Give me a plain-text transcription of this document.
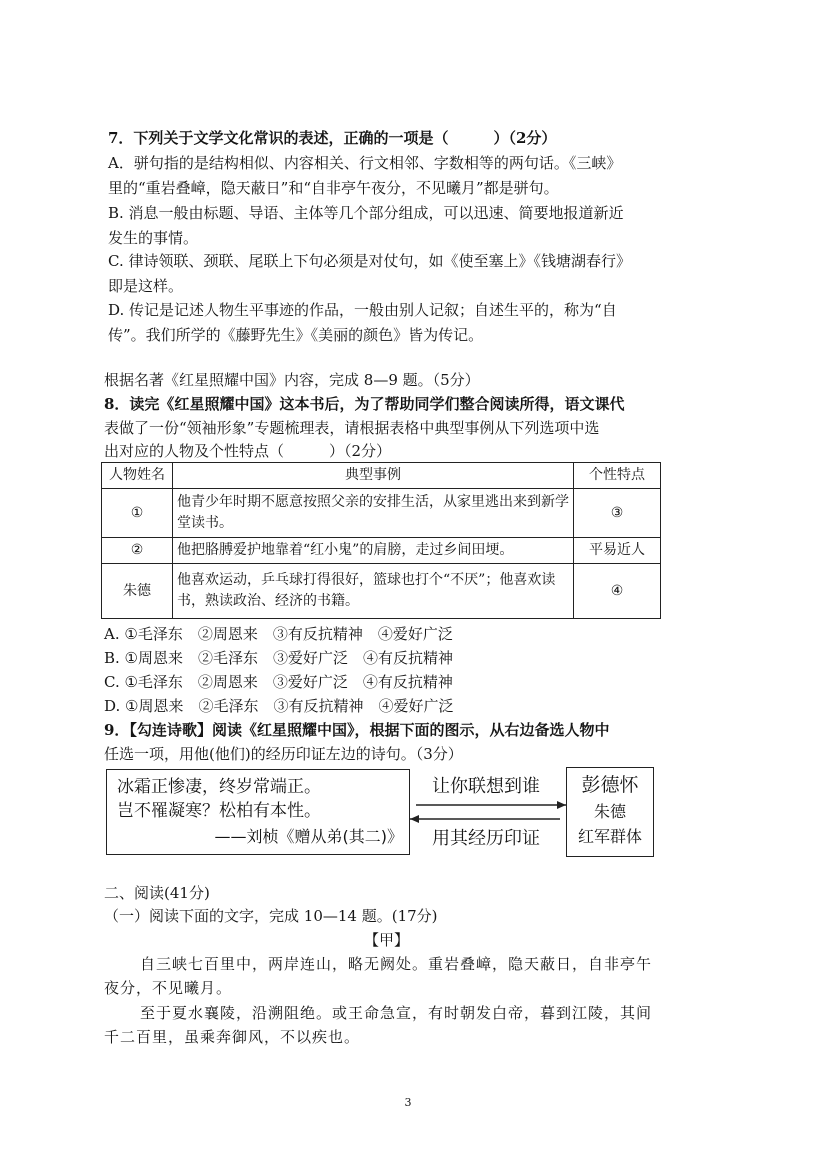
7．下列关于文学文化常识的表述，正确的一项是（　　　）（2分）
A．骈句指的是结构相似、内容相关、行文相邻、字数相等的两句话。《三峡》
里的“重岩叠嶂，隐天蔽日”和“自非亭午夜分，不见曦月”都是骈句。
B. 消息一般由标题、导语、主体等几个部分组成，可以迅速、简要地报道新近
发生的事情。
C. 律诗领联、颈联、尾联上下句必须是对仗句，如《使至塞上》《钱塘湖春行》
即是这样。
D. 传记是记述人物生平事迹的作品，一般由别人记叙；自述生平的，称为“自
传”。我们所学的《藤野先生》《美丽的颜色》皆为传记。
根据名著《红星照耀中国》内容，完成 8—9 题。（5分）
8．读完《红星照耀中国》这本书后，为了帮助同学们整合阅读所得，语文课代
表做了一份“领袖形象”专题梳理表，请根据表格中典型事例从下列选项中选
出对应的人物及个性特点（　　　）（2分）
人物姓名	典型事例	个性特点
①	他青少年时期不愿意按照父亲的安排生活，从家里逃出来到新学堂读书。	③
②	他把胳膊爱护地靠着“红小鬼”的肩膀，走过乡间田埂。	平易近人
朱德	他喜欢运动，乒乓球打得很好，篮球也打个“不厌”；他喜欢读书，熟读政治、经济的书籍。	④
A. ①毛泽东　②周恩来　③有反抗精神　④爱好广泛
B. ①周恩来　②毛泽东　③爱好广泛　④有反抗精神
C. ①毛泽东　②周恩来　③爱好广泛　④有反抗精神
D. ①周恩来　②毛泽东　③有反抗精神　④爱好广泛
9．【勾连诗歌】阅读《红星照耀中国》，根据下面的图示，从右边备选人物中
任选一项，用他(他们)的经历印证左边的诗句。（3分）
冰霜正惨凄，终岁常端正。
岂不罹凝寒？松柏有本性。
——刘桢《赠从弟(其二)》
让你联想到谁
用其经历印证
彭德怀
朱德
红军群体
二、阅读(41分)
（一）阅读下面的文字，完成 10—14 题。(17分)
【甲】
自三峡七百里中，两岸连山，略无阙处。重岩叠嶂，隐天蔽日，自非亭午
夜分，不见曦月。
至于夏水襄陵，沿溯阻绝。或王命急宣，有时朝发白帝，暮到江陵，其间
千二百里，虽乘奔御风，不以疾也。
3
